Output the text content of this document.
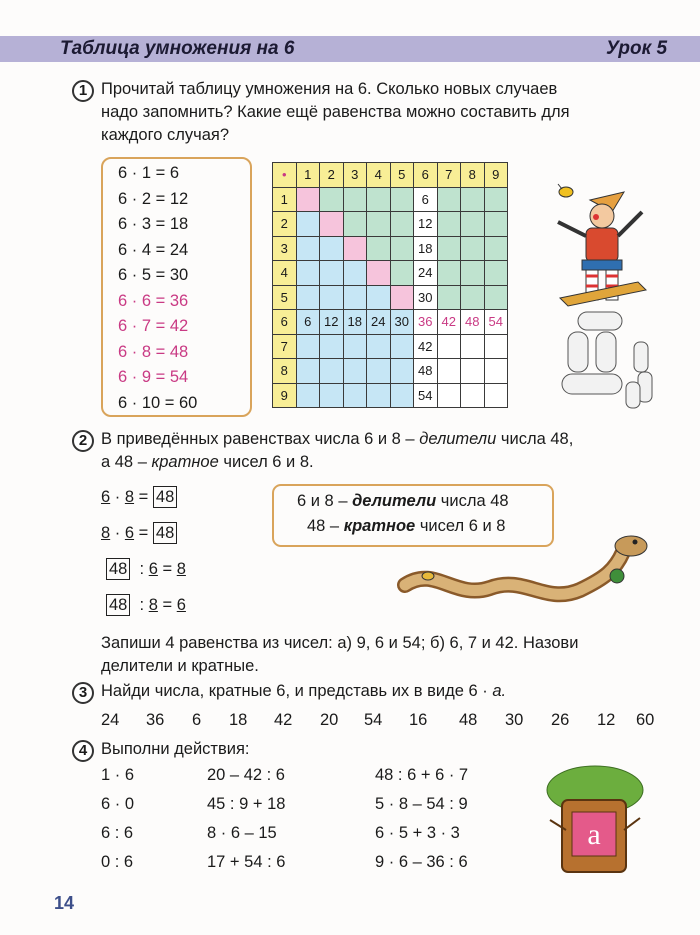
Таблица умножения на 6	Урок 5
1 Прочитай таблицу умножения на 6. Сколько новых случаев
надо запомнить? Какие ещё равенства можно составить для
каждого случая?
6 · 1 = 6
6 · 2 = 12
6 · 3 = 18
6 · 4 = 24
6 · 5 = 30
6 · 6 = 36
6 · 7 = 42
6 · 8 = 48
6 · 9 = 54
6 · 10 = 60
•	1	2	3	4	5	6	7	8	9
1						6			
2						12			
3						18			
4						24			
5						30			
6	6	12	18	24	30	36	42	48	54
7						42			
8						48			
9						54			
2 В приведённых равенствах числа 6 и 8 – делители числа 48,
а 48 – кратное чисел 6 и 8.
6 · 8 = 48
8 · 6 = 48
48 : 6 = 8
48 : 8 = 6
6 и 8 – делители числа 48
48 – кратное чисел 6 и 8
Запиши 4 равенства из чисел: а) 9, 6 и 54; б) 6, 7 и 42. Назови
делители и кратные.
3 Найди числа, кратные 6, и представь их в виде 6 · a.
24 36 6 18 42 20 54 16 48 30 26 12 60
4 Выполни действия:
1 · 6
6 · 0
6 : 6
0 : 6
20 – 42 : 6
45 : 9 + 18
8 · 6 – 15
17 + 54 : 6
48 : 6 + 6 · 7
5 · 8 – 54 : 9
6 · 5 + 3 · 3
9 · 6 – 36 : 6
a
14
